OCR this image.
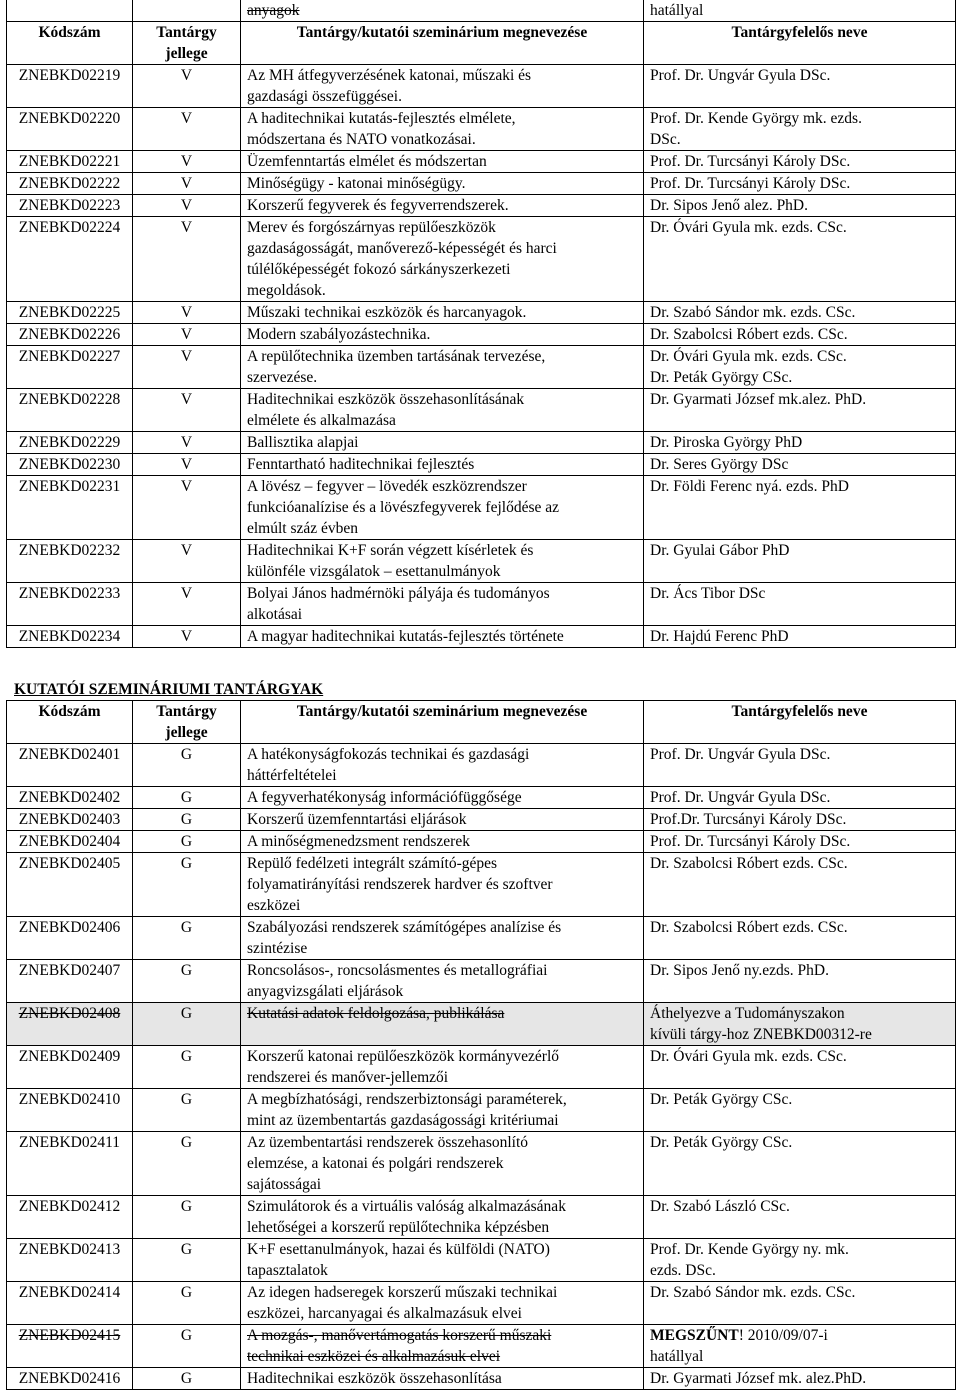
		anyagok	hatállyal
Kódszám	Tantárgy
jellege	Tantárgy/kutatói szeminárium megnevezése	Tantárgyfelelős neve
ZNEBKD02219	V	Az MH átfegyverzésének katonai, műszaki és
gazdasági összefüggései.	Prof. Dr. Ungvár Gyula DSc.
ZNEBKD02220	V	A haditechnikai kutatás-fejlesztés elmélete,
módszertana és NATO vonatkozásai.	Prof. Dr. Kende György mk. ezds.
DSc.
ZNEBKD02221	V	Üzemfenntartás elmélet és módszertan	Prof. Dr. Turcsányi Károly DSc.
ZNEBKD02222	V	Minőségügy - katonai minőségügy.	Prof. Dr. Turcsányi Károly DSc.
ZNEBKD02223	V	Korszerű fegyverek és fegyverrendszerek.	Dr. Sipos Jenő alez. PhD.
ZNEBKD02224	V	Merev és forgószárnyas repülőeszközök
gazdaságosságát, manőverező-képességét és harci
túlélőképességét fokozó sárkányszerkezeti
megoldások.	Dr. Óvári Gyula mk. ezds. CSc.
ZNEBKD02225	V	Műszaki technikai eszközök és harcanyagok.	Dr. Szabó Sándor mk. ezds. CSc.
ZNEBKD02226	V	Modern szabályozástechnika.	Dr. Szabolcsi Róbert ezds. CSc.
ZNEBKD02227	V	A repülőtechnika üzemben tartásának tervezése,
szervezése.	Dr. Óvári Gyula mk. ezds. CSc.
Dr. Peták György CSc.
ZNEBKD02228	V	Haditechnikai eszközök összehasonlításának
elmélete és alkalmazása	Dr. Gyarmati József mk.alez. PhD.
ZNEBKD02229	V	Ballisztika alapjai	Dr. Piroska György PhD
ZNEBKD02230	V	Fenntartható haditechnikai fejlesztés	Dr. Seres György DSc
ZNEBKD02231	V	A lövész – fegyver – lövedék eszközrendszer
funkcióanalízise és a lövészfegyverek fejlődése az
elmúlt száz évben	Dr. Földi Ferenc nyá. ezds. PhD
ZNEBKD02232	V	Haditechnikai K+F során végzett kísérletek és
különféle vizsgálatok – esettanulmányok	Dr. Gyulai Gábor PhD
ZNEBKD02233	V	Bolyai János hadmérnöki pályája és tudományos
alkotásai	Dr. Ács Tibor DSc
ZNEBKD02234	V	A magyar haditechnikai kutatás-fejlesztés története	Dr. Hajdú Ferenc PhD
KUTATÓI SZEMINÁRIUMI TANTÁRGYAK
Kódszám	Tantárgy
jellege	Tantárgy/kutatói szeminárium megnevezése	Tantárgyfelelős neve
ZNEBKD02401	G	A hatékonyságfokozás technikai és gazdasági
háttérfeltételei	Prof. Dr. Ungvár Gyula DSc.
ZNEBKD02402	G	A fegyverhatékonyság információfüggősége	Prof. Dr. Ungvár Gyula DSc.
ZNEBKD02403	G	Korszerű üzemfenntartási eljárások	Prof.Dr. Turcsányi Károly DSc.
ZNEBKD02404	G	A minőségmenedzsment rendszerek	Prof. Dr. Turcsányi Károly DSc.
ZNEBKD02405	G	Repülő fedélzeti integrált számító-gépes
folyamatirányítási rendszerek hardver és szoftver
eszközei	Dr. Szabolcsi Róbert ezds. CSc.
ZNEBKD02406	G	Szabályozási rendszerek számítógépes analízise és
szintézise	Dr. Szabolcsi Róbert ezds. CSc.
ZNEBKD02407	G	Roncsolásos-, roncsolásmentes és metallográfiai
anyagvizsgálati eljárások	Dr. Sipos Jenő ny.ezds. PhD.
ZNEBKD02408	G	Kutatási adatok feldolgozása, publikálása	Áthelyezve a Tudományszakon
kívüli tárgy-hoz ZNEBKD00312-re
ZNEBKD02409	G	Korszerű katonai repülőeszközök kormányvezérlő
rendszerei és manőver-jellemzői	Dr. Óvári Gyula mk. ezds. CSc.
ZNEBKD02410	G	A megbízhatósági, rendszerbiztonsági paraméterek,
mint az üzembentartás gazdaságossági kritériumai	Dr. Peták György CSc.
ZNEBKD02411	G	Az üzembentartási rendszerek összehasonlító
elemzése, a katonai és polgári rendszerek
sajátosságai	Dr. Peták György CSc.
ZNEBKD02412	G	Szimulátorok és a virtuális valóság alkalmazásának
lehetőségei a korszerű repülőtechnika képzésben	Dr. Szabó László CSc.
ZNEBKD02413	G	K+F esettanulmányok, hazai és külföldi (NATO)
tapasztalatok	Prof. Dr. Kende György ny. mk.
ezds. DSc.
ZNEBKD02414	G	Az idegen hadseregek korszerű műszaki technikai
eszközei, harcanyagai és alkalmazásuk elvei	Dr. Szabó Sándor mk. ezds. CSc.
ZNEBKD02415	G	A mozgás-, manővertámogatás korszerű műszaki
technikai eszközei és alkalmazásuk elvei	MEGSZŰNT! 2010/09/07-i
hatállyal
ZNEBKD02416	G	Haditechnikai eszközök összehasonlítása	Dr. Gyarmati József mk. alez.PhD.
